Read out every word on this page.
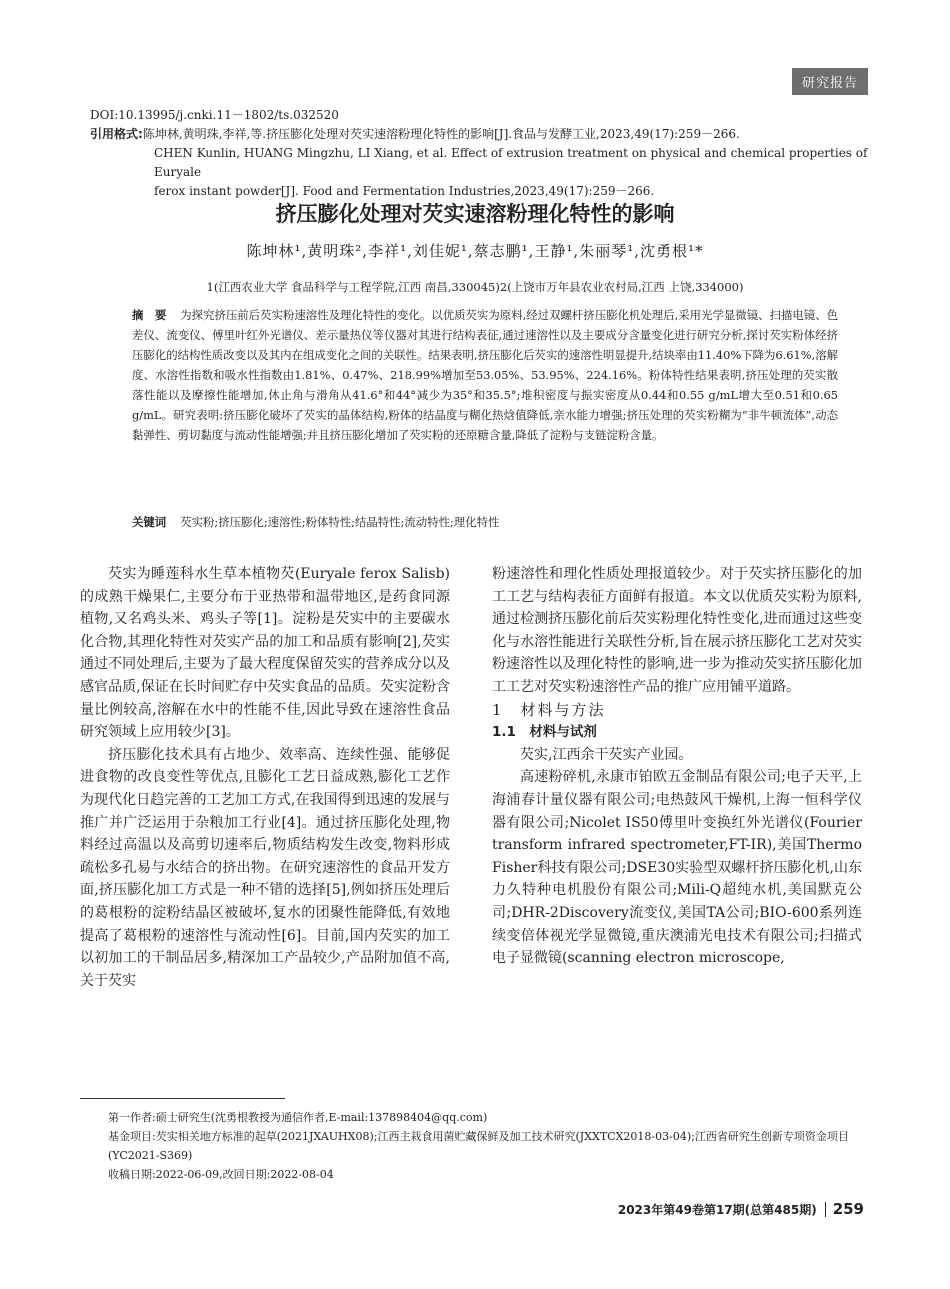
研究报告

DOI:10.13995/j.cnki.11－1802/ts.032520

引用格式:陈坤林,黄明珠,李祥,等.挤压膨化处理对芡实速溶粉理化特性的影响[J].食品与发酵工业,2023,49(17):259－266.

CHEN Kunlin, HUANG Mingzhu, LI Xiang, et al. Effect of extrusion treatment on physical and chemical properties of Euryale

ferox instant powder[J]. Food and Fermentation Industries,2023,49(17):259－266.

挤压膨化处理对芡实速溶粉理化特性的影响
陈坤林¹,黄明珠²,李祥¹,刘佳妮¹,蔡志鹏¹,王静¹,朱丽琴¹,沈勇根¹*
1(江西农业大学 食品科学与工程学院,江西 南昌,330045)2(上饶市万年县农业农村局,江西 上饶,334000)
摘　要 为探究挤压前后芡实粉速溶性及理化特性的变化。以优质芡实为原料,经过双螺杆挤压膨化机处理后,采用光学显微镜、扫描电镜、色差仪、流变仪、傅里叶红外光谱仪、差示量热仪等仪器对其进行结构表征,通过速溶性以及主要成分含量变化进行研究分析,探讨芡实粉体经挤压膨化的结构性质改变以及其内在组成变化之间的关联性。结果表明,挤压膨化后芡实的速溶性明显提升,结块率由11.40%下降为6.61%,溶解度、水溶性指数和吸水性指数由1.81%、0.47%、218.99%增加至53.05%、53.95%、224.16%。粉体特性结果表明,挤压处理的芡实散落性能以及摩擦性能增加,休止角与滑角从41.6°和44°减少为35°和35.5°;堆积密度与振实密度从0.44和0.55 g/mL增大至0.51和0.65 g/mL。研究表明:挤压膨化破坏了芡实的晶体结构,粉体的结晶度与糊化热焓值降低,亲水能力增强;挤压处理的芡实粉糊为“非牛顿流体”,动态黏弹性、剪切黏度与流动性能增强;并且挤压膨化增加了芡实粉的还原糖含量,降低了淀粉与支链淀粉含量。
关键词 芡实粉;挤压膨化;速溶性;粉体特性;结晶特性;流动特性;理化特性

芡实为睡莲科水生草本植物芡(Euryale ferox Salisb)的成熟干燥果仁,主要分布于亚热带和温带地区,是药食同源植物,又名鸡头米、鸡头子等[1]。淀粉是芡实中的主要碳水化合物,其理化特性对芡实产品的加工和品质有影响[2],芡实通过不同处理后,主要为了最大程度保留芡实的营养成分以及感官品质,保证在长时间贮存中芡实食品的品质。芡实淀粉含量比例较高,溶解在水中的性能不佳,因此导致在速溶性食品研究领域上应用较少[3]。

挤压膨化技术具有占地少、效率高、连续性强、能够促进食物的改良变性等优点,且膨化工艺日益成熟,膨化工艺作为现代化日趋完善的工艺加工方式,在我国得到迅速的发展与推广并广泛运用于杂粮加工行业[4]。通过挤压膨化处理,物料经过高温以及高剪切速率后,物质结构发生改变,物料形成疏松多孔易与水结合的挤出物。在研究速溶性的食品开发方面,挤压膨化加工方式是一种不错的选择[5],例如挤压处理后的葛根粉的淀粉结晶区被破坏,复水的团聚性能降低,有效地提高了葛根粉的速溶性与流动性[6]。目前,国内芡实的加工以初加工的干制品居多,精深加工产品较少,产品附加值不高,关于芡实

粉速溶性和理化性质处理报道较少。对于芡实挤压膨化的加工工艺与结构表征方面鲜有报道。本文以优质芡实粉为原料,通过检测挤压膨化前后芡实粉理化特性变化,进而通过这些变化与水溶性能进行关联性分析,旨在展示挤压膨化工艺对芡实粉速溶性以及理化特性的影响,进一步为推动芡实挤压膨化加工工艺对芡实粉速溶性产品的推广应用铺平道路。

1　材料与方法

1.1　材料与试剂

芡实,江西余干芡实产业园。

高速粉碎机,永康市铂欧五金制品有限公司;电子天平,上海浦春计量仪器有限公司;电热鼓风干燥机,上海一恒科学仪器有限公司;Nicolet IS50傅里叶变换红外光谱仪(Fourier transform infrared spectrometer,FT-IR),美国Thermo Fisher科技有限公司;DSE30实验型双螺杆挤压膨化机,山东力久特种电机股份有限公司;Mili-Q超纯水机,美国默克公司;DHR-2Discovery流变仪,美国TA公司;BIO-600系列连续变倍体视光学显微镜,重庆澳浦光电技术有限公司;扫描式电子显微镜(scanning electron microscope,

第一作者:硕士研究生(沈勇根教授为通信作者,E-mail:137898404@qq.com)

基金项目:芡实相关地方标准的起草(2021JXAUHX08);江西主栽食用菌贮藏保鲜及加工技术研究(JXXTCX2018-03-04);江西省研究生创新专项资金项目(YC2021-S369)

收稿日期:2022-06-09,改回日期:2022-08-04

2023年第49卷第17期(总第485期) 259
